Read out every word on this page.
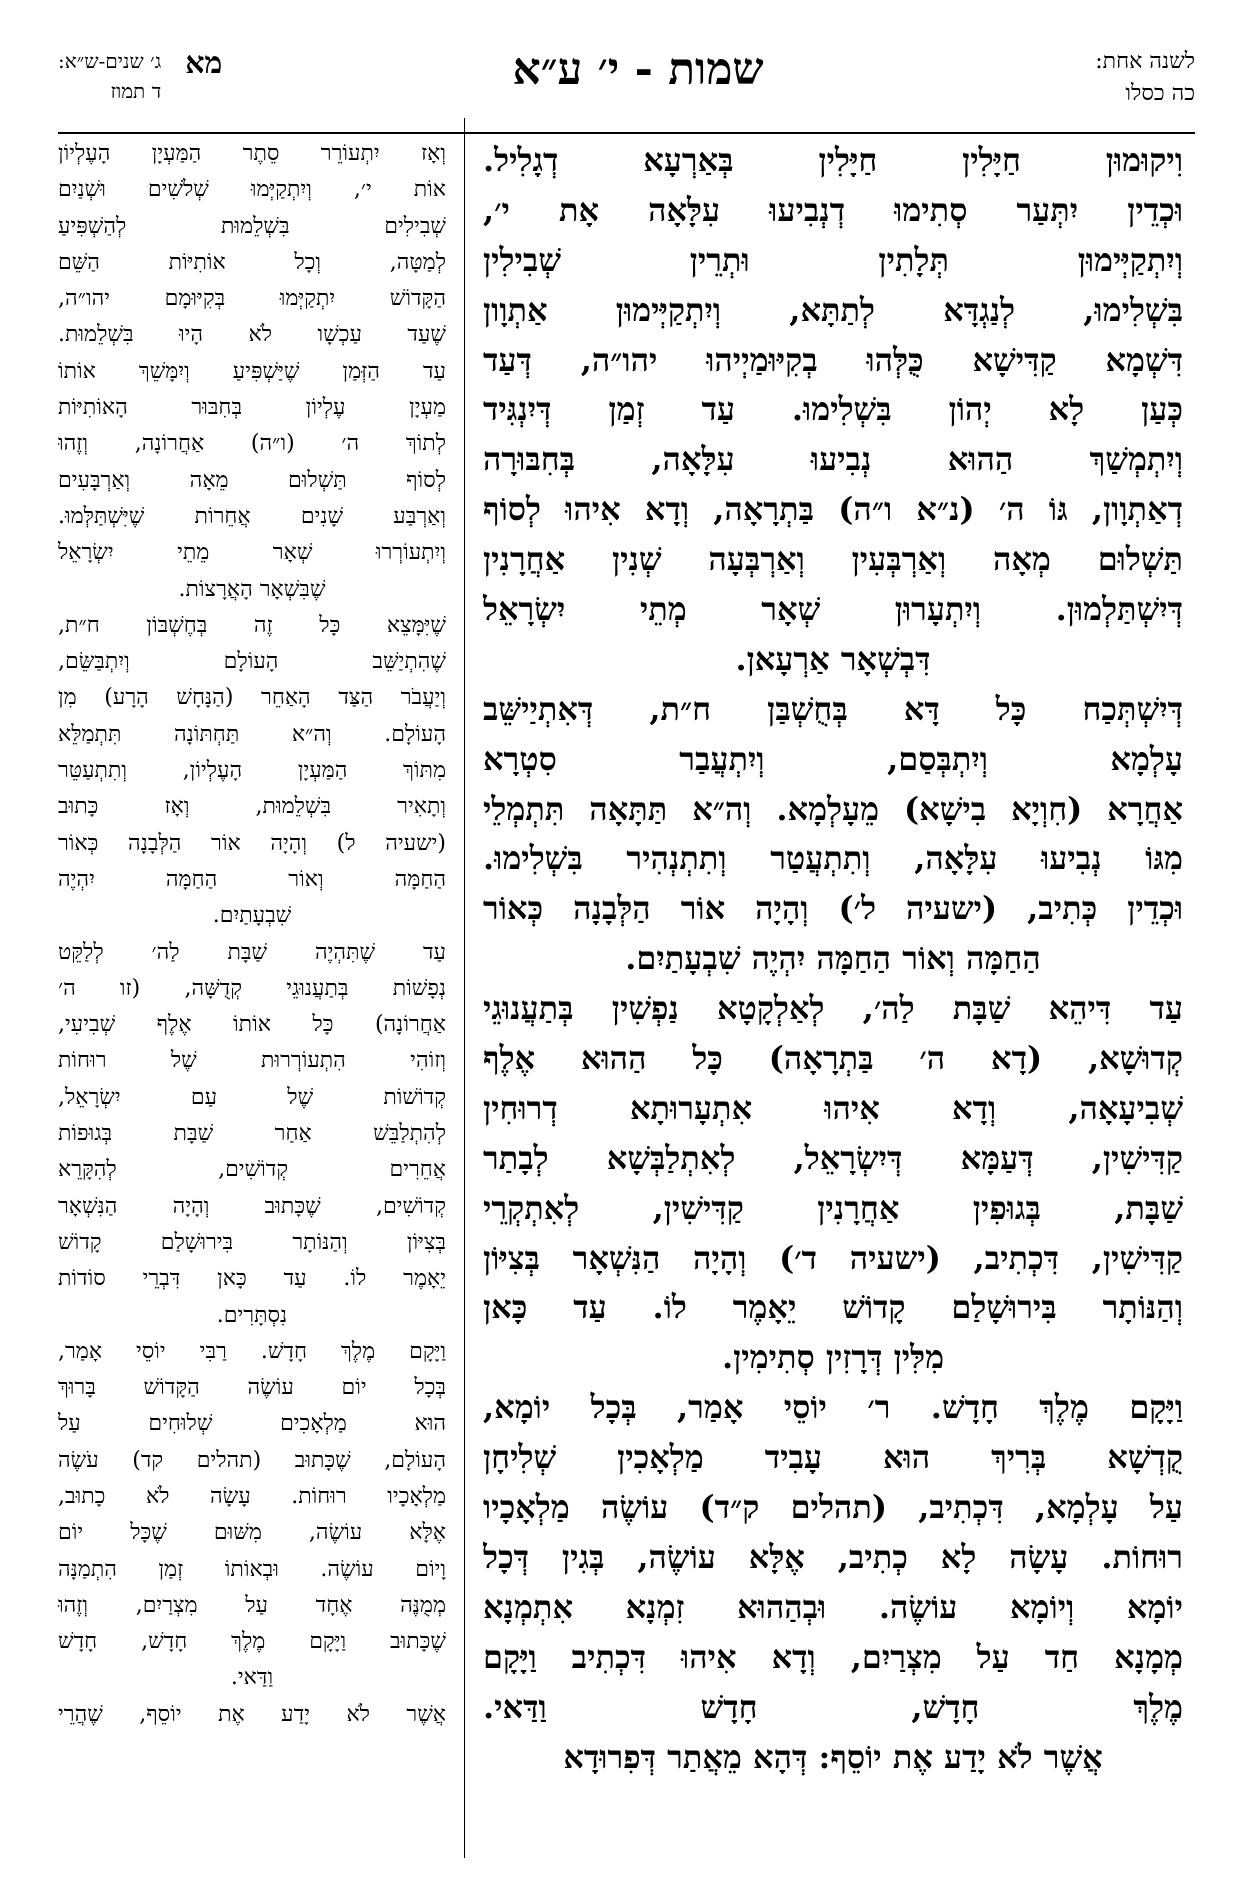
לשנה אחת:
כה כסלו
שמות - י׳ ע״א
מא
ג׳ שנים-ש״א:
ד תמוז
וִיקוּמוּן חַיָּלִין חַיָּלִין בְּאַרְעָא דְגָלִיל.
וּכְדֵין יִתְּעַר סְתִימוּ דְנְבִיעוּ עִלָּאָה אָת י׳,
וְיִתְקַיְּימוּן תְּלָתִין וּתְרֵין שְׁבִילִין
בִּשְׁלִימוּ, לְנַגְדָּא לְתַתָּא, וְיִתְקַיְּימוּן אַתְוָון
דִּשְׁמָא קַדִּישָׁא כֻּלְּהוּ בְקִיּוּמַיְיהוּ יהו״ה, דְּעַד
כְּעַן לָא יְהוֹן בִּשְׁלִימוּ. עַד זְמַן דְּיִנְגִּיד
וְיִתְמְשַׁךְ הַהוּא נְבִיעוּ עִלָּאָה, בְּחִבּוּרָה
דְאַתְוָון, גּוֹ ה׳ (נ״א ו״ה) בַּתְרָאָה, וְדָא אִיהוּ לְסוֹף
תַּשְׁלוּם מְאָה וְאַרְבְּעִין וְאַרְבְּעָה שְׁנִין אַחֲרָנִין
דְּיִשְׁתַּלְמוּן. וְיִתְעָרוּן שְׁאָר מְתֵי יִשְׂרָאֵל
דִּבְשְׁאָר אַרְעָאן.
דְּיִשְׁתְּכַח כָּל דָּא בְּחֻשְׁבַּן ח״ת, דְּאִתְיַישֵּׁב
עָלְמָא וְיִתְבְּסַם, וְיִתְעֲבַר סִטְרָא
אַחֲרָא (חִוְיָא בִישָׁא) מֵעָלְמָא. וְה״א תַּתָּאָה תִּתְמְלֵי
מִגּוֹ נְבִיעוּ עִלָּאָה, וְתִתְעֲטַר וְתִתְנְהִיר בִּשְׁלִימוּ.
וּכְדֵין כְּתִיב, (ישעיה ל׳) וְהָיָה אוֹר הַלְּבָנָה כְּאוֹר
הַחַמָּה וְאוֹר הַחַמָּה יִהְיֶה שִׁבְעָתַיִם.
עַד דִּיהֵא שַׁבָּת לַה׳, לְאַלְקָטָא נַפְשִׁין בְּתַעֲנוּגֵי
קְדוּשָׁא, (דָא ה׳ בַּתְרָאָה) כָּל הַהוּא אֶלֶף
שְׁבִיעָאָה, וְדָא אִיהוּ אִתְעָרוּתָא דְרוּחִין
קַדִּישִׁין, דְּעַמָּא דְּיִשְׂרָאֵל, לְאִתְלַבְּשָׁא לְבָתַר
שַׁבָּת, בְּגוּפִין אַחֲרָנִין קַדִּישִׁין, לְאִתְקְרֵי
קַדִּישִׁין, דִּכְתִיב, (ישעיה ד׳) וְהָיָה הַנִּשְׁאָר בְּצִיּוֹן
וְהַנּוֹתָר בִּירוּשָׁלַם קָדוֹשׁ יֵאָמֶר לוֹ. עַד כָּאן
מִלִּין דְּרָזִין סְתִימִין.
וַיָּקָם מֶלֶךְ חָדָשׁ. ר׳ יוֹסֵי אָמַר, בְּכָל יוֹמָא,
קֻדְשָׁא בְּרִיךְ הוּא עָבִיד מַלְאָכִין שְׁלִיחָן
עַל עָלְמָא, דִּכְתִיב, (תהלים ק״ד) עוֹשֶׂה מַלְאָכָיו
רוּחוֹת. עָשָׂה לָא כְתִיב, אֶלָּא עוֹשֶׂה, בְּגִין דְּכָל
יוֹמָא וְיוֹמָא עוֹשֶׂה. וּבְהַהוּא זִמְנָא אִתְמְנָא
מְמָנָא חַד עַל מִצְרַיִם, וְדָא אִיהוּ דִּכְתִיב וַיָּקָם
מֶלֶךְ חָדָשׁ, חָדָשׁ וַדַּאי.
אֲשֶׁר לֹא יָדַע אֶת יוֹסֵף: דְּהָא מֵאֲתַר דְּפִרוּדָא
וְאָז יִתְעוֹרֵר סֵתֶר הַמַּעְיָן הָעֶלְיוֹן
אוֹת י׳, וְיִתְקַיְּמוּ שְׁלֹשִׁים וּשְׁנַיִם
שְׁבִילִים בִּשְׁלֵמוּת לְהַשְׁפִּיעַ
לְמַטָּה, וְכָל אוֹתִיּוֹת הַשֵּׁם
הַקָּדוֹשׁ יִתְקַיְּמוּ בְּקִיּוּמָם יהו״ה,
שֶׁעַד עַכְשָׁו לֹא הָיוּ בִּשְׁלֵמוּת.
עַד הַזְּמַן שֶׁיַּשְׁפִּיעַ וְיִמָּשֵׁךְ אוֹתוֹ
מַעְיָן עֶלְיוֹן בְּחִבּוּר הָאוֹתִיּוֹת
לְתוֹךְ ה׳ (ו״ה) אַחֲרוֹנָה, וְזֶהוּ
לְסוֹף תַּשְׁלוּם מֵאָה וְאַרְבָּעִים
וְאַרְבַּע שָׁנִים אֲחֵרוֹת שֶׁיִּשְׁתַּלְּמוּ.
וְיִתְעוֹרְרוּ שְׁאָר מֵתֵי יִשְׂרָאֵל
שֶׁבִּשְׁאָר הָאֲרָצוֹת.
שֶׁיִּמָּצֵא כָּל זֶה בְּחֶשְׁבּוֹן ח״ת,
שֶׁהִתְיַשֵּׁב הָעוֹלָם וְיִתְבַּשֵּׂם,
וְיַעֲבֹר הַצַּד הָאַחֵר (הַנָּחָשׁ הָרָע) מִן
הָעוֹלָם. וְה״א תַּחְתּוֹנָה תִּתְמַלֵּא
מִתּוֹךְ הַמַּעְיָן הָעֶלְיוֹן, וְתִתְעַטֵּר
וְתָאִיר בִּשְׁלֵמוּת, וְאָז כָּתוּב
(ישעיה ל) וְהָיָה אוֹר הַלְּבָנָה כְּאוֹר
הַחַמָּה וְאוֹר הַחַמָּה יִהְיֶה
שִׁבְעָתַיִם.
עַד שֶׁתִּהְיֶה שַׁבָּת לַה׳ לְלַקֵּט
נְפָשׁוֹת בְּתַעֲנוּגֵי קְדֻשָּׁה, (זו ה׳
אַחֲרוֹנָה) כָּל אוֹתוֹ אֶלֶף שְׁבִיעִי,
וְזוֹהִי הִתְעוֹרְרוּת שֶׁל רוּחוֹת
קְדוֹשׁוֹת שֶׁל עַם יִשְׂרָאֵל,
לְהִתְלַבֵּשׁ אַחַר שַׁבָּת בְּגוּפוֹת
אֲחֵרִים קְדוֹשִׁים, לְהִקָּרֵא
קְדוֹשִׁים, שֶׁכָּתוּב וְהָיָה הַנִּשְׁאָר
בְּצִיּוֹן וְהַנּוֹתָר בִּירוּשָׁלַם קָדוֹשׁ
יֵאָמֶר לוֹ. עַד כָּאן דִּבְרֵי סוֹדוֹת
נִסְתָּרִים.
וַיָּקָם מֶלֶךְ חָדָשׁ. רַבִּי יוֹסֵי אָמַר,
בְּכָל יוֹם עוֹשֶׂה הַקָּדוֹשׁ בָּרוּךְ
הוּא מַלְאָכִים שְׁלוּחִים עַל
הָעוֹלָם, שֶׁכָּתוּב (תהלים קד) עֹשֶׂה
מַלְאָכָיו רוּחוֹת. עָשָׂה לֹא כָתוּב,
אֶלָּא עוֹשֶׂה, מִשּׁוּם שֶׁכָּל יוֹם
וָיוֹם עוֹשֶׂה. וּבְאוֹתוֹ זְמַן הִתְמַנָּה
מְמֻנֶּה אֶחָד עַל מִצְרַיִם, וְזֶהוּ
שֶׁכָּתוּב וַיָּקָם מֶלֶךְ חָדָשׁ, חָדָשׁ
וַדַּאי.
אֲשֶׁר לֹא יָדַע אֶת יוֹסֵף, שֶׁהֲרֵי
